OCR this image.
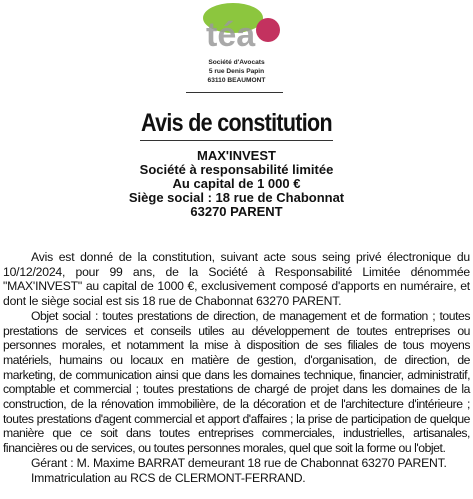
téa
Société d'Avocats
5 rue Denis Papin
63110 BEAUMONT
Avis de constitution
MAX'INVEST
Société à responsabilité limitée
Au capital de 1 000 €
Siège social : 18 rue de Chabonnat
63270 PARENT

Avis est donné de la constitution, suivant acte sous seing privé électronique du 10/12/2024, pour 99 ans, de la Société à Responsabilité Limitée dénommée "MAX'INVEST" au capital de 1000 €, exclusivement composé d'apports en numéraire, et dont le siège social est sis 18 rue de Chabonnat 63270 PARENT.

Objet social : toutes prestations de direction, de management et de formation ; toutes prestations de services et conseils utiles au développement de toutes entreprises ou personnes morales, et notamment la mise à disposition de ses filiales de tous moyens matériels, humains ou locaux en matière de gestion, d'organisation, de direction, de marketing, de communication ainsi que dans les domaines technique, financier, administratif, comptable et commercial ; toutes prestations de chargé de projet dans les domaines de la construction, de la rénovation immobilière, de la décoration et de l'architecture d'intérieure ; toutes prestations d'agent commercial et apport d'affaires ; la prise de participation de quelque manière que ce soit dans toutes entreprises commerciales, industrielles, artisanales, financières ou de services, ou toutes personnes morales, quel que soit la forme ou l'objet.

Gérant : M. Maxime BARRAT demeurant 18 rue de Chabonnat 63270 PARENT.

Immatriculation au RCS de CLERMONT-FERRAND.
